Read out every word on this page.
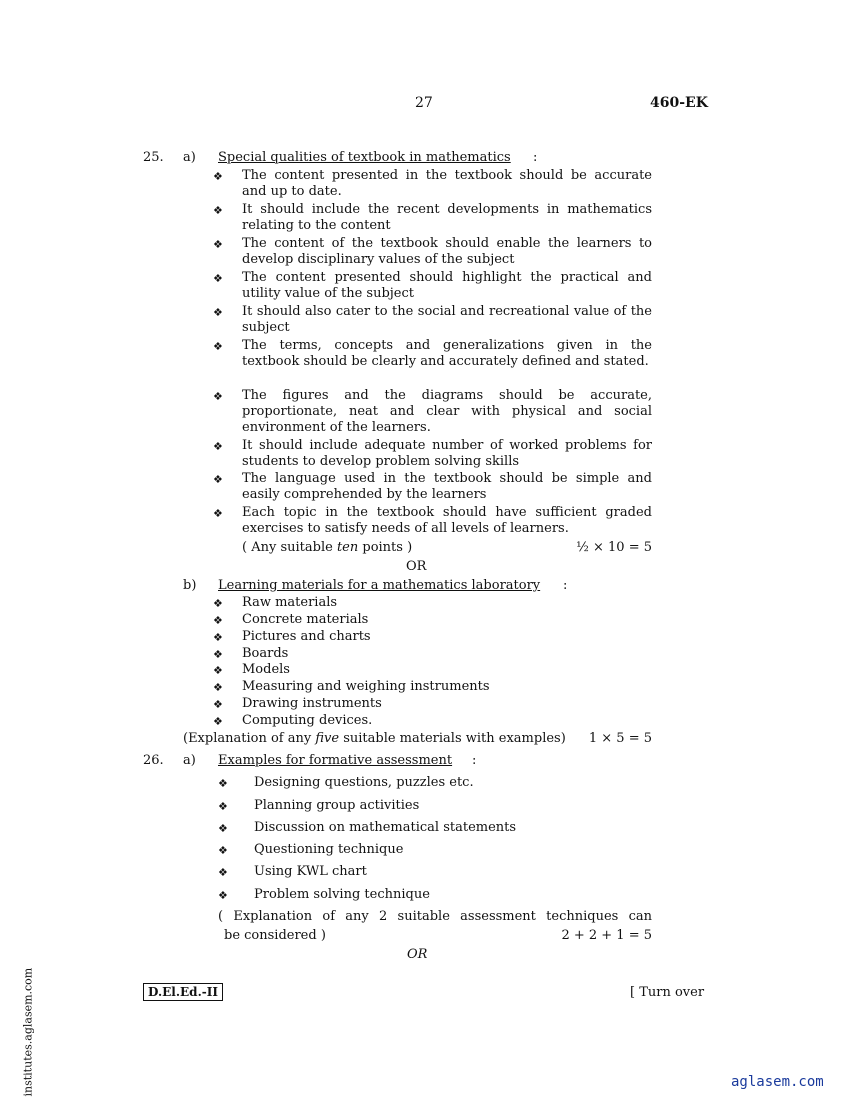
27	460-EK
25. a) Special qualities of textbook in mathematics :
❖ The content presented in the textbook should be accurate and up to date.
❖ It should include the recent developments in mathematics relating to the content
❖ The content of the textbook should enable the learners to develop disciplinary values of the subject
❖ The content presented should highlight the practical and utility value of the subject
❖ It should also cater to the social and recreational value of the subject
❖ The terms, concepts and generalizations given in the textbook should be clearly and accurately defined and stated.
❖ The figures and the diagrams should be accurate, proportionate, neat and clear with physical and social environment of the learners.
❖ It should include adequate number of worked problems for students to develop problem solving skills
❖ The language used in the textbook should be simple and easily comprehended by the learners
❖ Each topic in the textbook should have sufficient graded exercises to satisfy needs of all levels of learners.
( Any suitable ten points )	½ × 10 = 5
OR
b) Learning materials for a mathematics laboratory :
❖ Raw materials
❖ Concrete materials
❖ Pictures and charts
❖ Boards
❖ Models
❖ Measuring and weighing instruments
❖ Drawing instruments
❖ Computing devices.
(Explanation of any five suitable materials with examples) 1 × 5 = 5
26. a) Examples for formative assessment :
❖ Designing questions, puzzles etc.
❖ Planning group activities
❖ Discussion on mathematical statements
❖ Questioning technique
❖ Using KWL chart
❖ Problem solving technique
( Explanation of any 2 suitable assessment techniques can
be considered )	2 + 2 + 1 = 5
OR
D.El.Ed.-II	[ Turn over
institutes.aglasem.com	aglasem.com
